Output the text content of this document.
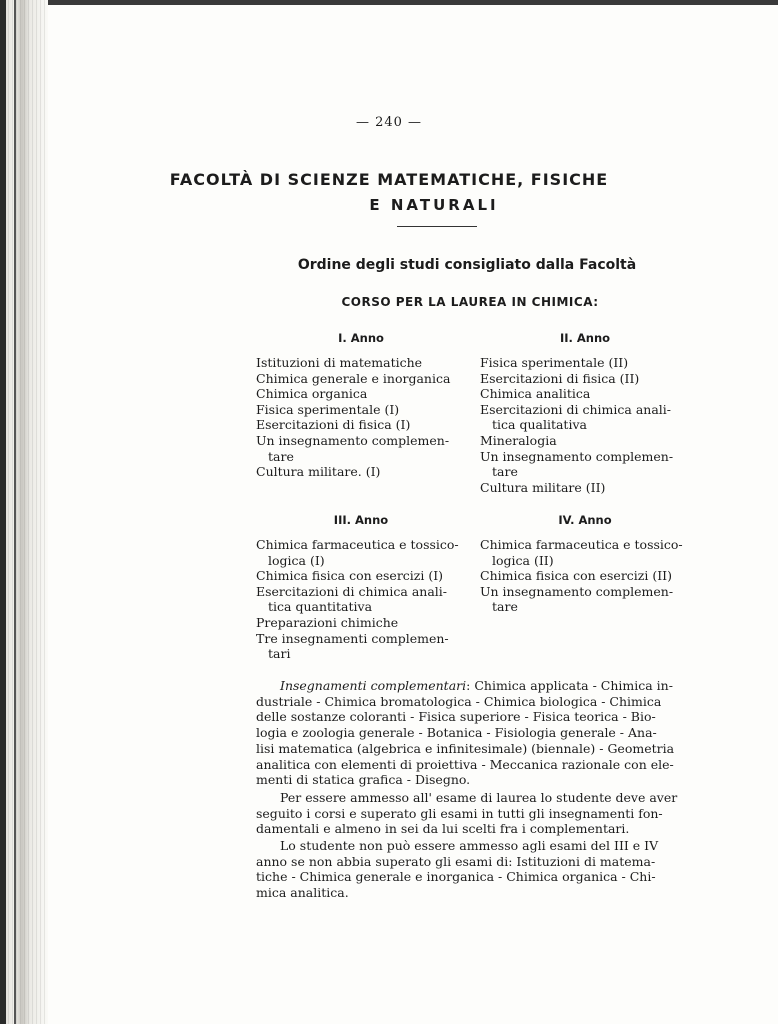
— 240 —
FACOLTÀ DI SCIENZE MATEMATICHE, FISICHE
E NATURALI
Ordine degli studi consigliato dalla Facoltà
CORSO PER LA LAUREA IN CHIMICA:
I. Anno
Istituzioni di matematiche
Chimica generale e inorganica
Chimica organica
Fisica sperimentale (I)
Esercitazioni di fisica (I)
Un insegnamento complemen-
tare
Cultura militare. (I)
II. Anno
Fisica sperimentale (II)
Esercitazioni di fisica (II)
Chimica analitica
Esercitazioni di chimica anali-
tica qualitativa
Mineralogia
Un insegnamento complemen-
tare
Cultura militare (II)
III. Anno
Chimica farmaceutica e tossico-
logica (I)
Chimica fisica con esercizi (I)
Esercitazioni di chimica anali-
tica quantitativa
Preparazioni chimiche
Tre insegnamenti complemen-
tari
IV. Anno
Chimica farmaceutica e tossico-
logica (II)
Chimica fisica con esercizi (II)
Un insegnamento complemen-
tare
Insegnamenti complementari: Chimica applicata - Chimica in-
dustriale - Chimica bromatologica - Chimica biologica - Chimica
delle sostanze coloranti - Fisica superiore - Fisica teorica - Bio-
logia e zoologia generale - Botanica - Fisiologia generale - Ana-
lisi matematica (algebrica e infinitesimale) (biennale) - Geometria
analitica con elementi di proiettiva - Meccanica razionale con ele-
menti di statica grafica - Disegno.
Per essere ammesso all' esame di laurea lo studente deve aver
seguito i corsi e superato gli esami in tutti gli insegnamenti fon-
damentali e almeno in sei da lui scelti fra i complementari.
Lo studente non può essere ammesso agli esami del III e IV
anno se non abbia superato gli esami di: Istituzioni di matema-
tiche - Chimica generale e inorganica - Chimica organica - Chi-
mica analitica.
